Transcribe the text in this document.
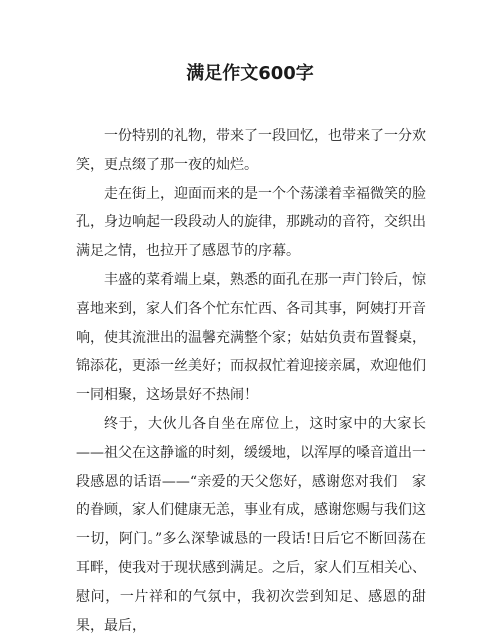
满足作文600字

一份特别的礼物，带来了一段回忆，也带来了一分欢笑，更点缀了那一夜的灿烂。

走在街上，迎面而来的是一个个荡漾着幸福微笑的脸孔，身边响起一段段动人的旋律，那跳动的音符，交织出满足之情，也拉开了感恩节的序幕。

丰盛的菜肴端上桌，熟悉的面孔在那一声门铃后，惊喜地来到，家人们各个忙东忙西、各司其事，阿姨打开音响，使其流泄出的温馨充满整个家；姑姑负责布置餐桌，锦添花，更添一丝美好；而叔叔忙着迎接亲属，欢迎他们一同相聚，这场景好不热闹！

终于，大伙儿各自坐在席位上，这时家中的大家长——祖父在这静谧的时刻，缓缓地，以浑厚的嗓音道出一段感恩的话语——“亲爱的天父您好，感谢您对我们　家的眷顾，家人们健康无恙，事业有成，感谢您赐与我们这一切，阿门。”多么深挚诚恳的一段话!日后它不断回荡在耳畔，使我对于现状感到满足。之后，家人们互相关心、慰问，一片祥和的气氛中，我初次尝到知足、感恩的甜果，最后，
